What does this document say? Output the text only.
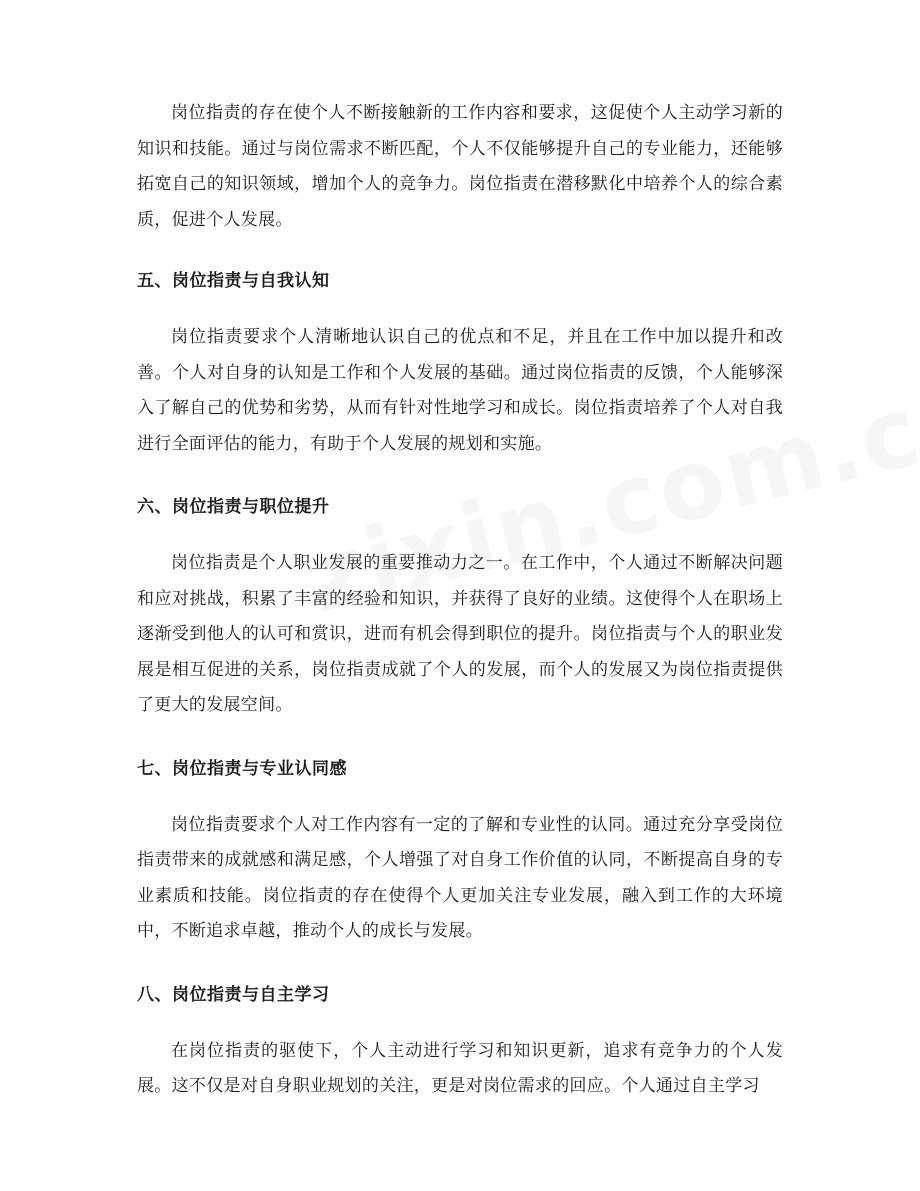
岗位指责的存在使个人不断接触新的工作内容和要求，这促使个人主动学习新的知识和技能。通过与岗位需求不断匹配，个人不仅能够提升自己的专业能力，还能够拓宽自己的知识领域，增加个人的竞争力。岗位指责在潜移默化中培养个人的综合素质，促进个人发展。

五、岗位指责与自我认知

岗位指责要求个人清晰地认识自己的优点和不足，并且在工作中加以提升和改善。个人对自身的认知是工作和个人发展的基础。通过岗位指责的反馈，个人能够深入了解自己的优势和劣势，从而有针对性地学习和成长。岗位指责培养了个人对自我进行全面评估的能力，有助于个人发展的规划和实施。

六、岗位指责与职位提升

岗位指责是个人职业发展的重要推动力之一。在工作中，个人通过不断解决问题和应对挑战，积累了丰富的经验和知识，并获得了良好的业绩。这使得个人在职场上逐渐受到他人的认可和赏识，进而有机会得到职位的提升。岗位指责与个人的职业发展是相互促进的关系，岗位指责成就了个人的发展，而个人的发展又为岗位指责提供了更大的发展空间。

七、岗位指责与专业认同感

岗位指责要求个人对工作内容有一定的了解和专业性的认同。通过充分享受岗位指责带来的成就感和满足感，个人增强了对自身工作价值的认同，不断提高自身的专业素质和技能。岗位指责的存在使得个人更加关注专业发展，融入到工作的大环境中，不断追求卓越，推动个人的成长与发展。

八、岗位指责与自主学习

在岗位指责的驱使下，个人主动进行学习和知识更新，追求有竞争力的个人发展。这不仅是对自身职业规划的关注，更是对岗位需求的回应。个人通过自主学习
